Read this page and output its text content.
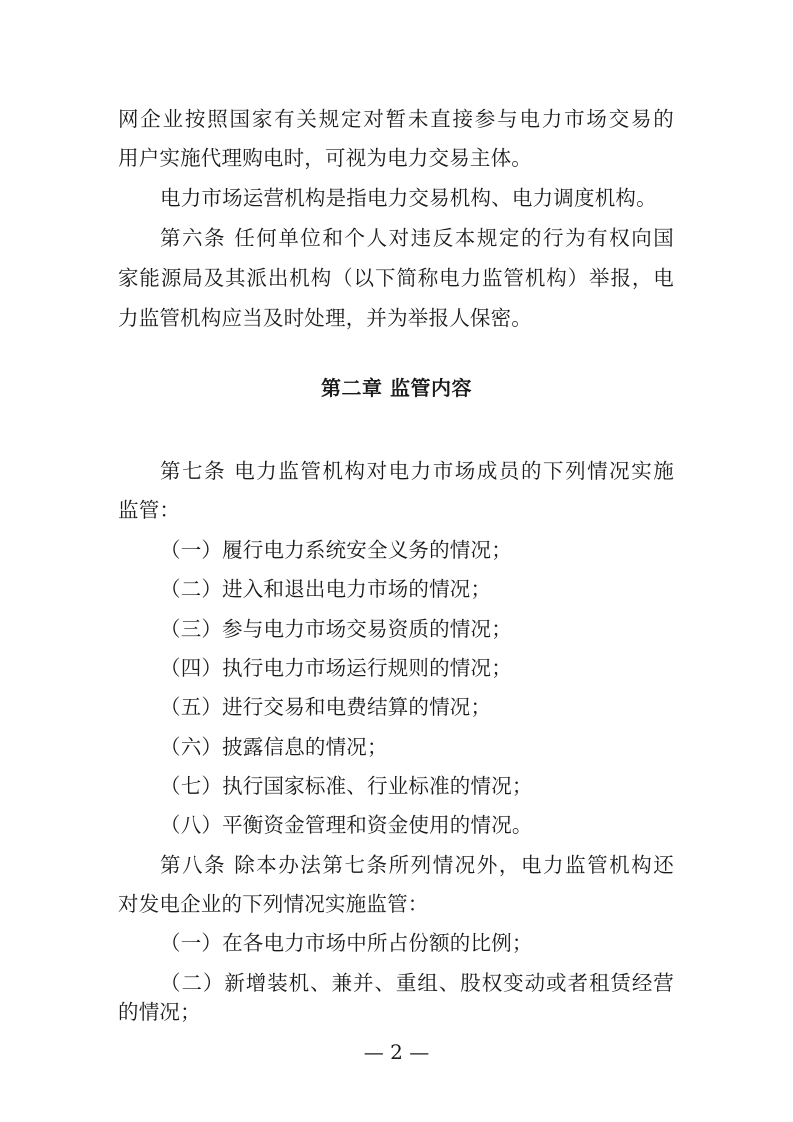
网企业按照国家有关规定对暂未直接参与电力市场交易的
用户实施代理购电时，可视为电力交易主体。
电力市场运营机构是指电力交易机构、电力调度机构。
第六条 任何单位和个人对违反本规定的行为有权向国
家能源局及其派出机构（以下简称电力监管机构）举报，电
力监管机构应当及时处理，并为举报人保密。
第二章 监管内容
第七条 电力监管机构对电力市场成员的下列情况实施
监管：
（一）履行电力系统安全义务的情况；
（二）进入和退出电力市场的情况；
（三）参与电力市场交易资质的情况；
（四）执行电力市场运行规则的情况；
（五）进行交易和电费结算的情况；
（六）披露信息的情况；
（七）执行国家标准、行业标准的情况；
（八）平衡资金管理和资金使用的情况。
第八条 除本办法第七条所列情况外，电力监管机构还
对发电企业的下列情况实施监管：
（一）在各电力市场中所占份额的比例；
（二）新增装机、兼并、重组、股权变动或者租赁经营
的情况；
— 2 —
